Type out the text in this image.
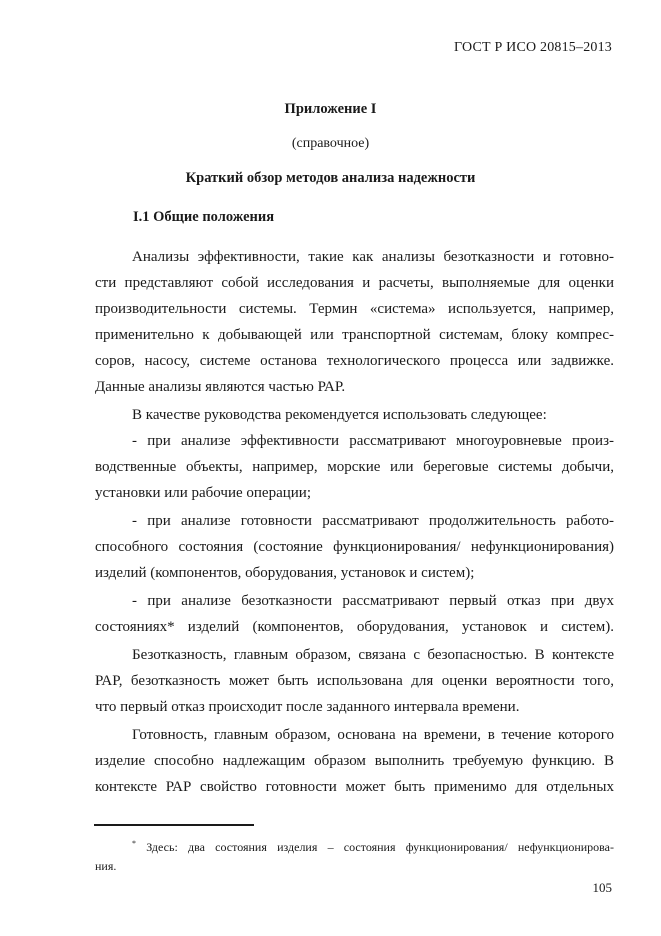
ГОСТ Р ИСО 20815–2013
Приложение I
(справочное)
Краткий обзор методов анализа надежности
I.1 Общие положения
Анализы эффективности, такие как анализы безотказности и готовно-
сти представляют собой исследования и расчеты, выполняемые для оценки
производительности системы. Термин «система» используется, например,
применительно к добывающей или транспортной системам, блоку компрес-
соров, насосу, системе останова технологического процесса или задвижке.
Данные анализы являются частью РАР.
В качестве руководства рекомендуется использовать следующее:
- при анализе эффективности рассматривают многоуровневые произ-
водственные объекты, например, морские или береговые системы добычи,
установки или рабочие операции;
- при анализе готовности рассматривают продолжительность работо-
способного состояния (состояние функционирования/ нефункционирования)
изделий (компонентов, оборудования, установок и систем);
- при анализе безотказности рассматривают первый отказ при двух
состояниях* изделий (компонентов, оборудования, установок и систем).
Безотказность, главным образом, связана с безопасностью. В контексте
РАР, безотказность может быть использована для оценки вероятности того,
что первый отказ происходит после заданного интервала времени.
Готовность, главным образом, основана на времени, в течение которого
изделие способно надлежащим образом выполнить требуемую функцию. В
контексте РАР свойство готовности может быть применимо для отдельных
* Здесь: два состояния изделия – состояния функционирования/ нефункционирова-
ния.
105
